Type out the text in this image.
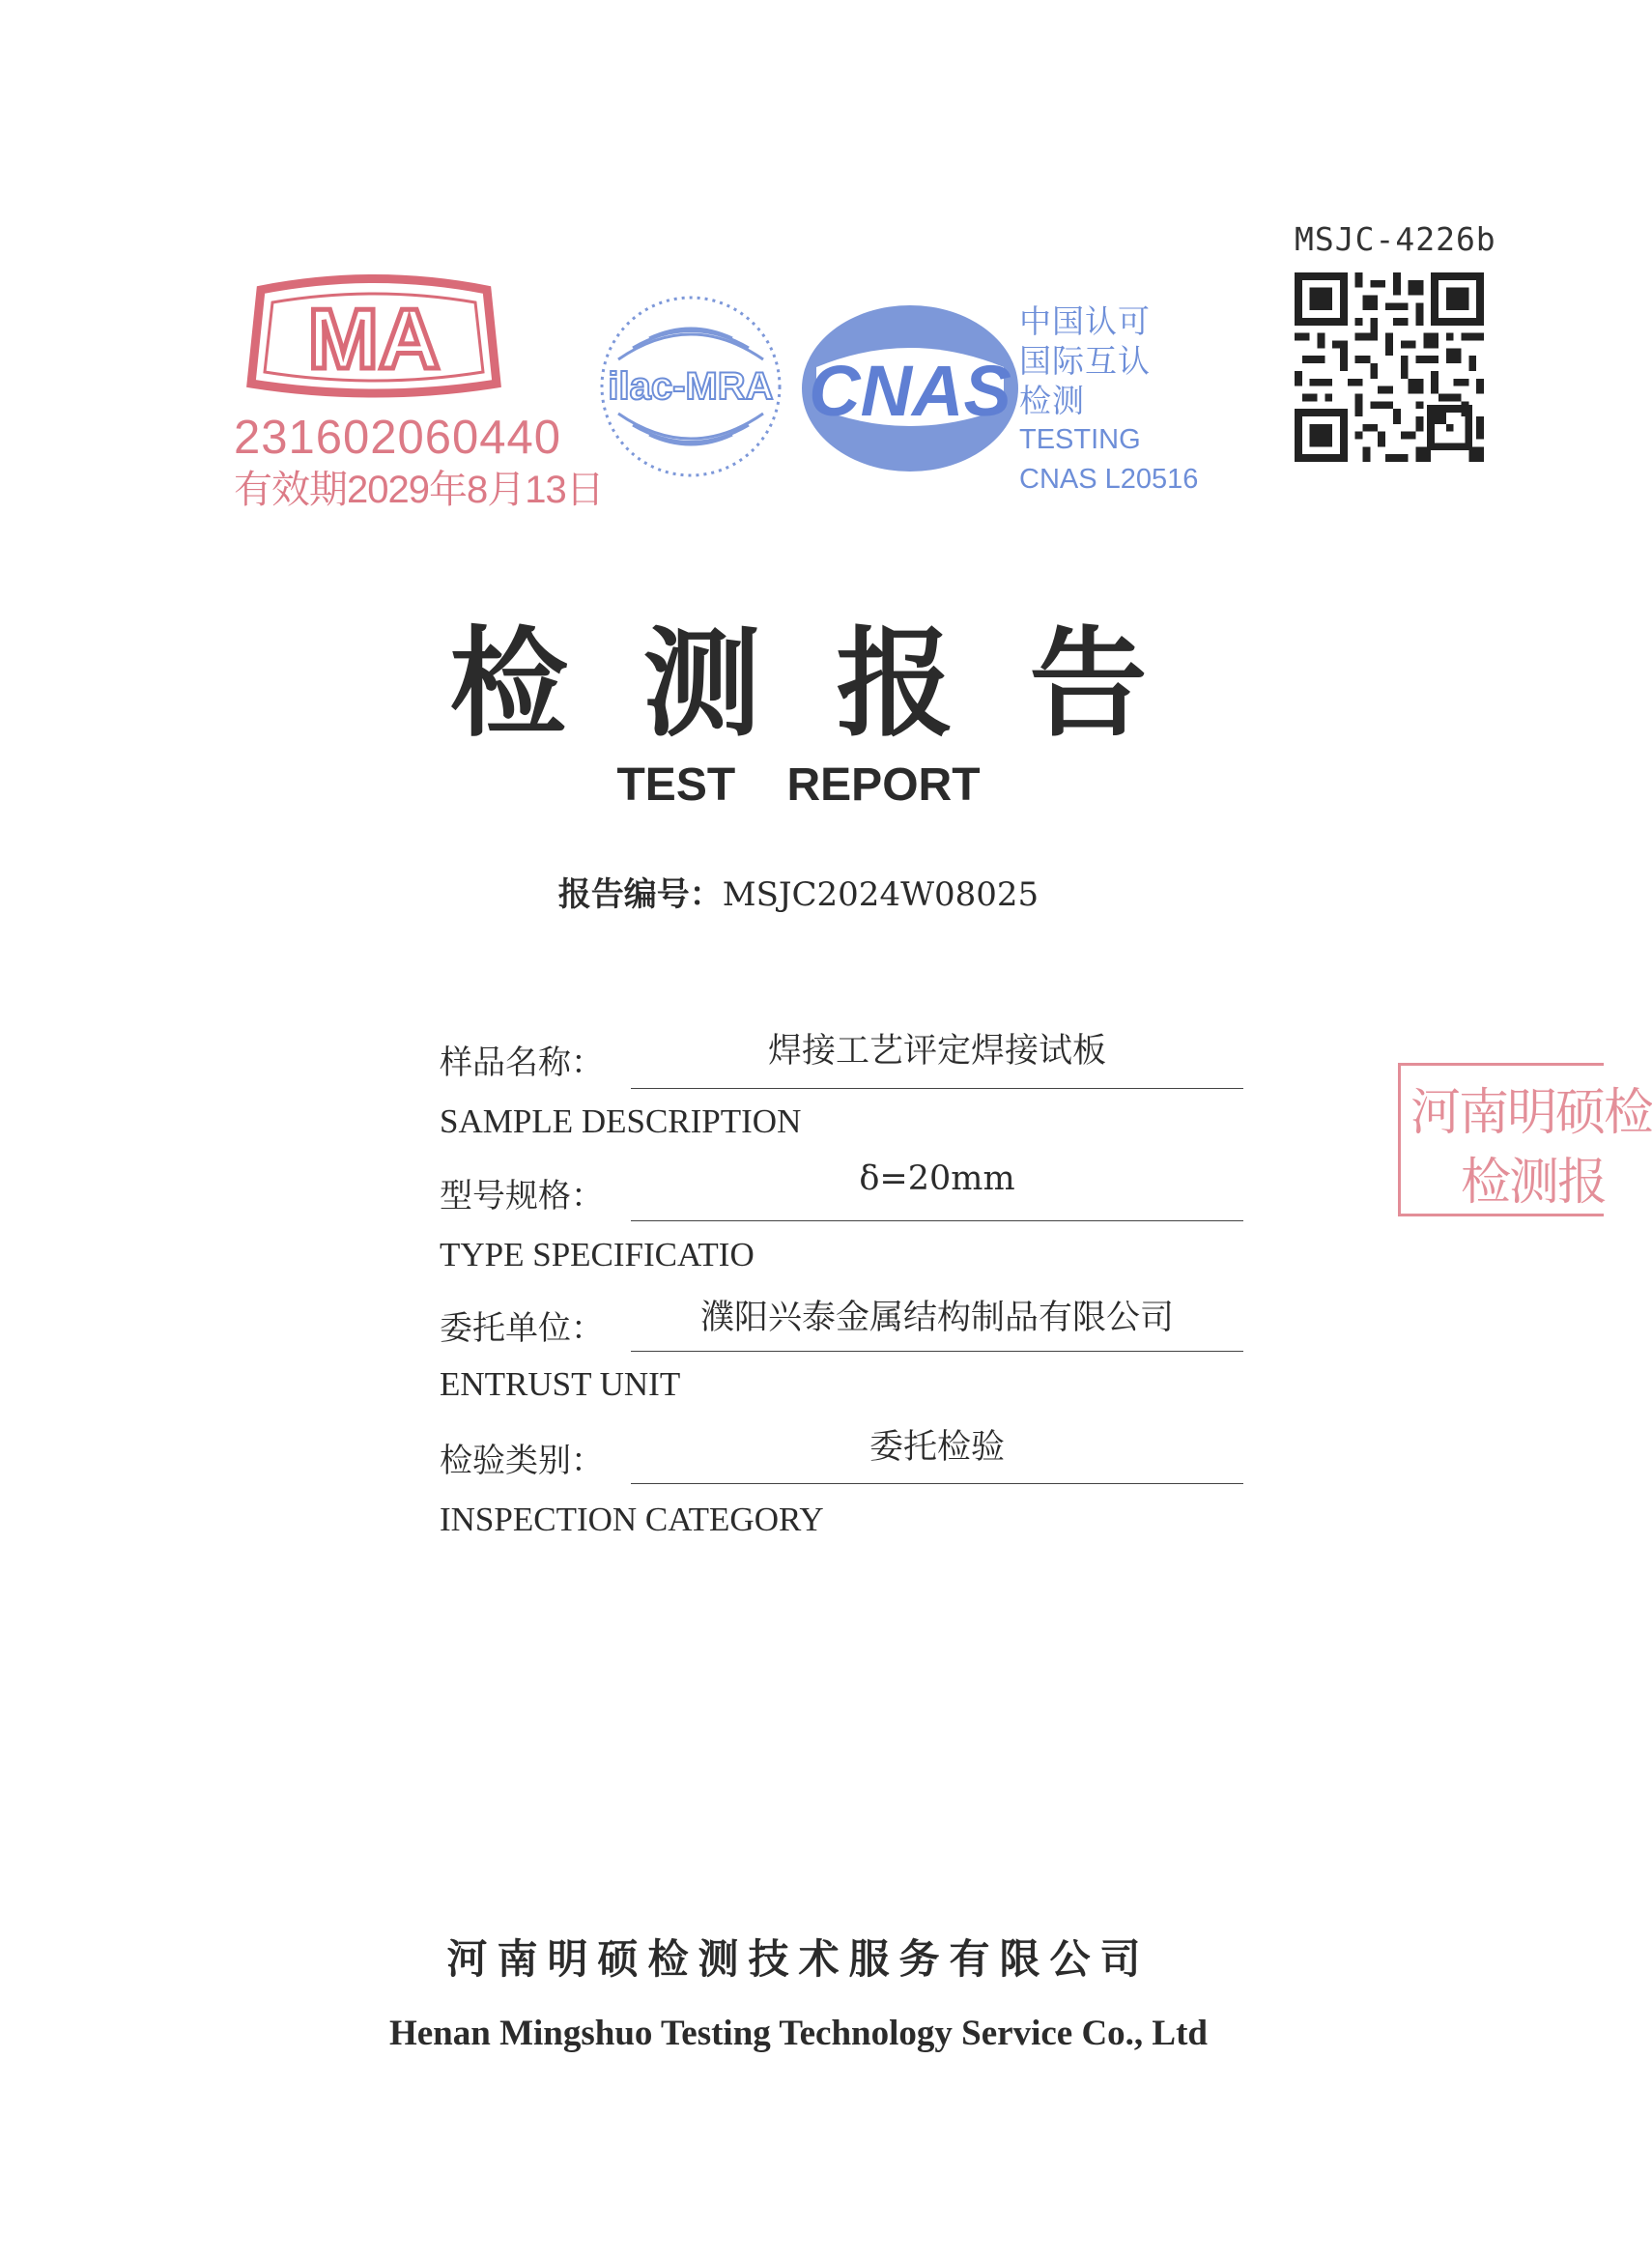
MSJC-4226b
MA
231602060440
有效期2029年8月13日
ilac-MRA CNAS
中国认可
国际互认
检测
TESTING
CNAS L20516
检测报告
TEST REPORT
报告编号：MSJC2024W08025
样品名称：	焊接工艺评定焊接试板
SAMPLE DESCRIPTION
型号规格：	δ=20mm
TYPE SPECIFICATIO
委托单位：	濮阳兴泰金属结构制品有限公司
ENTRUST UNIT
检验类别：	委托检验
INSPECTION CATEGORY
河南明硕检
检测报
河南明硕检测技术服务有限公司
Henan Mingshuo Testing Technology Service Co., Ltd
